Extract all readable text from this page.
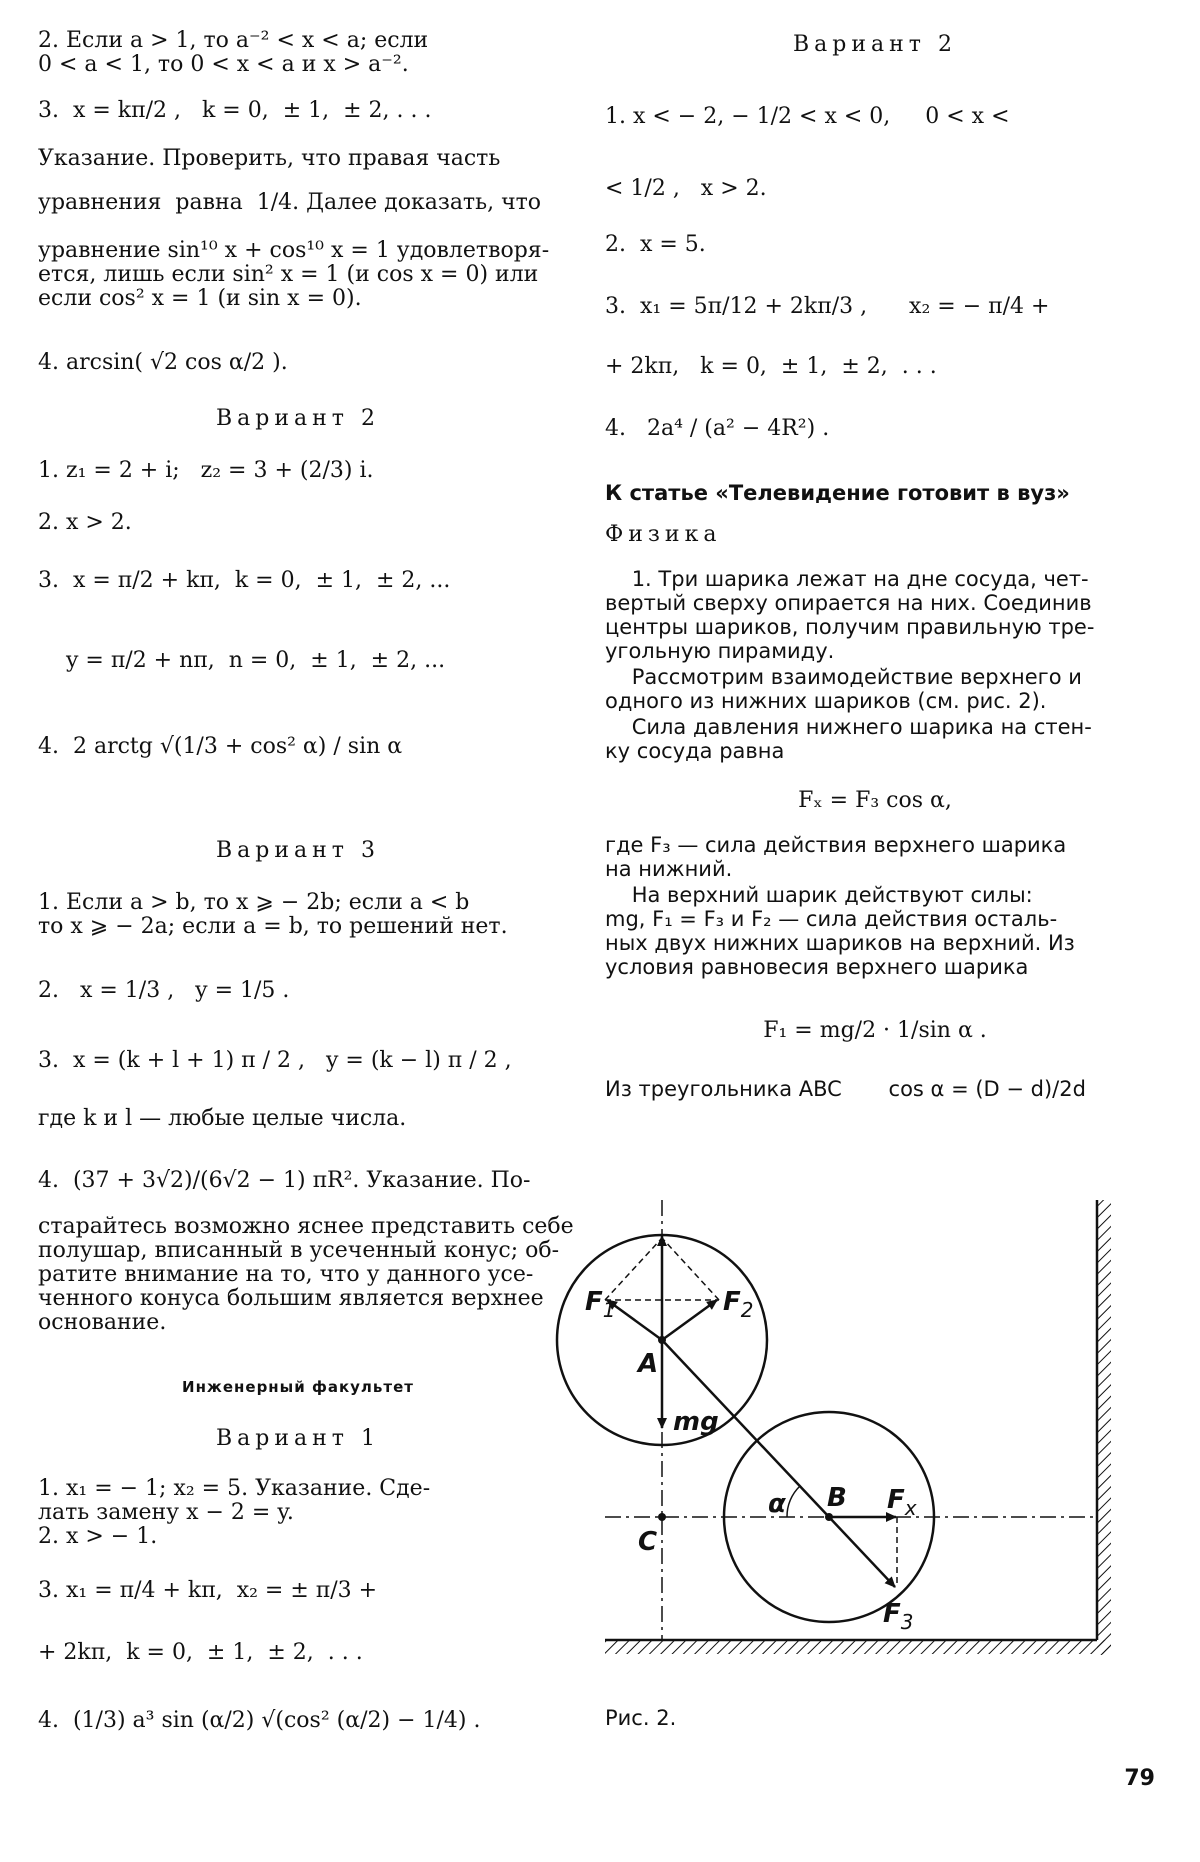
2. Если a > 1, то a⁻² < x < a; если
0 < a < 1, то 0 < x < a и x > a⁻².
3.  x = kπ/2 ,   k = 0,  ± 1,  ± 2, . . .
Указание. Проверить, что правая часть
уравнения  равна  1/4. Далее доказать, что
уравнение sin¹⁰ x + cos¹⁰ x = 1 удовлетворя-
ется, лишь если sin² x = 1 (и cos x = 0) или
если cos² x = 1 (и sin x = 0).
4. arcsin( √2 cos α/2 ).
Вариант 2
1. z₁ = 2 + i;   z₂ = 3 + (2/3) i.
2. x > 2.
3.  x = π/2 + kπ,  k = 0,  ± 1,  ± 2, ...
y = π/2 + nπ,  n = 0,  ± 1,  ± 2, ...
4.  2 arctg √(1/3 + cos² α) / sin α
Вариант 3
1. Если a > b, то x ⩾ − 2b; если a < b
то x ⩾ − 2a; если a = b, то решений нет.
2.   x = 1/3 ,   y = 1/5 .
3.  x = (k + l + 1) π / 2 ,   y = (k − l) π / 2 ,
где k и l — любые целые числа.
4.  (37 + 3√2)/(6√2 − 1) πR². Указание. По-
старайтесь возможно яснее представить себе
полушар, вписанный в усеченный конус; об-
ратите внимание на то, что у данного усе-
ченного конуса большим является верхнее
основание.
Инженерный факультет
Вариант 1
1. x₁ = − 1; x₂ = 5. Указание. Сде-
лать замену x − 2 = y.
2. x > − 1.
3. x₁ = π/4 + kπ,  x₂ = ± π/3 +
+ 2kπ,  k = 0,  ± 1,  ± 2,  . . .
4.  (1/3) a³ sin (α/2) √(cos² (α/2) − 1/4) .
Вариант 2
1. x < − 2, − 1/2 < x < 0,     0 < x <
< 1/2 ,   x > 2.
2.  x = 5.
3.  x₁ = 5π/12 + 2kπ/3 ,      x₂ = − π/4 +
+ 2kπ,   k = 0,  ± 1,  ± 2,  . . .
4.   2a⁴ / (a² − 4R²) .
К статье «Телевидение готовит в вуз»
Физика
1. Три шарика лежат на дне сосуда, чет-
вертый сверху опирается на них. Соединив
центры шариков, получим правильную тре-
угольную пирамиду.
Рассмотрим взаимодействие верхнего и
одного из нижних шариков (см. рис. 2).
Сила давления нижнего шарика на стен-
ку сосуда равна
Fₓ = F₃ cos α,
где F₃ — сила действия верхнего шарика
на нижний.
На верхний шарик действуют силы:
mg, F₁ = F₃ и F₂ — сила действия осталь-
ных двух нижних шариков на верхний. Из
условия равновесия верхнего шарика
F₁ = mg/2 · 1/sin α .
Из треугольника ABC       cos α = (D − d)/2d
$F_1$	$F_2$
A
mg
C
α B $F_x$
$F_3$
Рис. 2.
79
